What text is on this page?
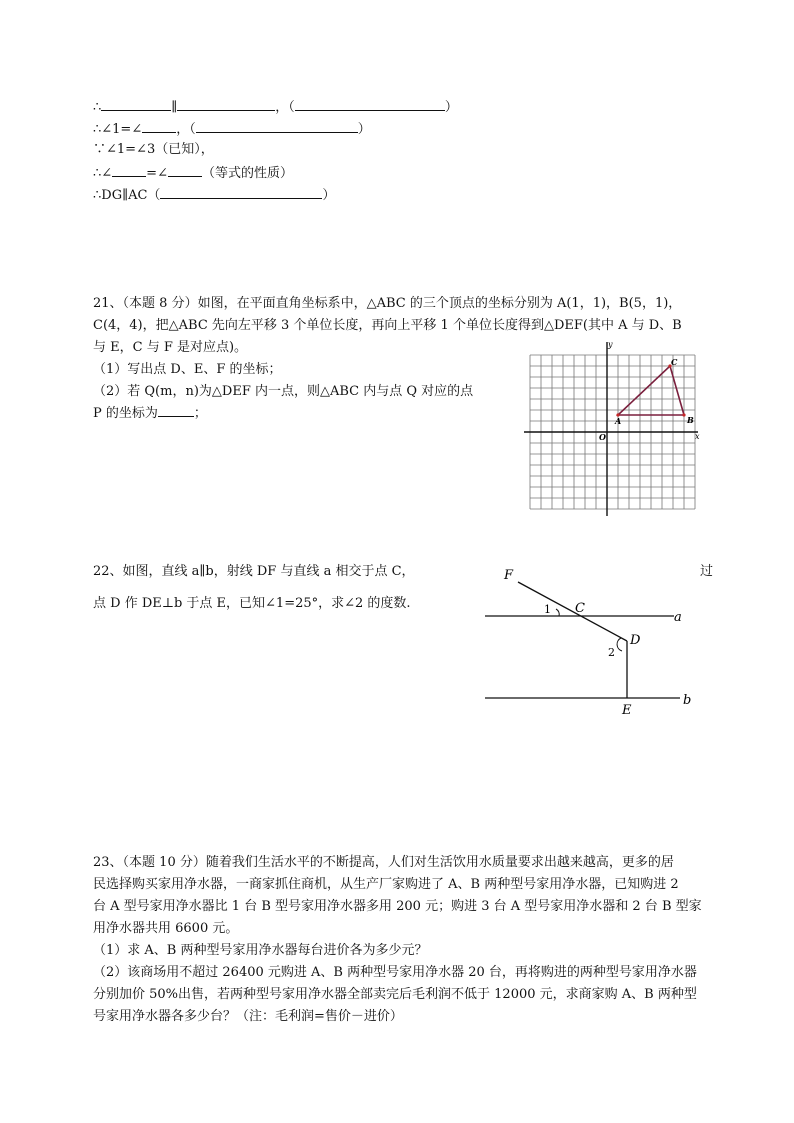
∴	∥	，（	）
∴∠1=∠	，（	）
∵∠1=∠3（已知），
∴∠	=∠	（等式的性质）
∴DG∥AC（	）
21、（本题 8 分）如图，在平面直角坐标系中，△ABC 的三个顶点的坐标分别为 A(1，1)，B(5，1)，
C(4，4)，把△ABC 先向左平移 3 个单位长度，再向上平移 1 个单位长度得到△DEF(其中 A 与 D、B
与 E，C 与 F 是对应点)。
（1）写出点 D、E、F 的坐标；
（2）若 Q(m，n)为△DEF 内一点，则△ABC 内与点 Q 对应的点
P 的坐标为	；
y
x
O
A	B
C
22、如图，直线 a∥b，射线 DF 与直线 a 相交于点 C，	过
点 D 作 DE⊥b 于点 E，已知∠1=25°，求∠2 的度数.
F
C
1
a
D
2
b
E
23、（本题 10 分）随着我们生活水平的不断提高，人们对生活饮用水质量要求出越来越高，更多的居
民选择购买家用净水器，一商家抓住商机，从生产厂家购进了 A、B 两种型号家用净水器，已知购进 2
台 A 型号家用净水器比 1 台 B 型号家用净水器多用 200 元；购进 3 台 A 型号家用净水器和 2 台 B 型家
用净水器共用 6600 元。
（1）求 A、B 两种型号家用净水器每台进价各为多少元？
（2）该商场用不超过 26400 元购进 A、B 两种型号家用净水器 20 台，再将购进的两种型号家用净水器
分别加价 50%出售，若两种型号家用净水器全部卖完后毛利润不低于 12000 元，求商家购 A、B 两种型
号家用净水器各多少台？（注：毛利润=售价－进价）
